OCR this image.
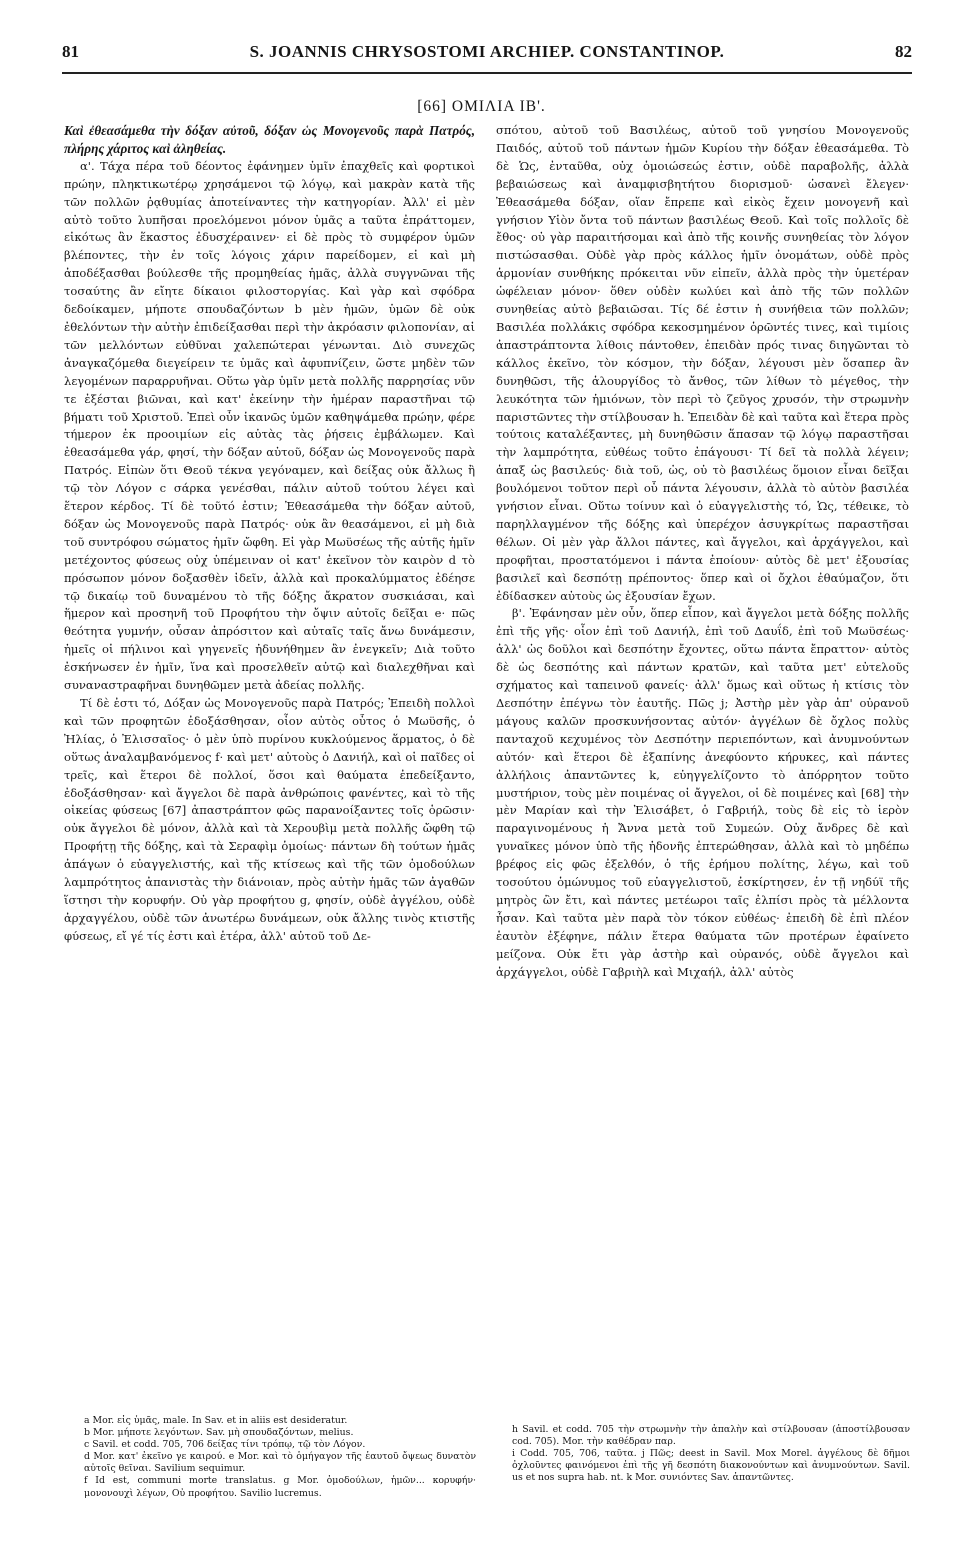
81	S. JOANNIS CHRYSOSTOMI ARCHIEP. CONSTANTINOP.	82
[66] ΟΜΙΛΙΑ ΙΒ'.

Καὶ ἐθεασάμεθα τὴν δόξαν αὐτοῦ, δόξαν ὡς Μονογενοῦς παρὰ Πατρός, πλήρης χάριτος καὶ ἀληθείας.

α'. Τάχα πέρα τοῦ δέοντος ἐφάνημεν ὑμῖν ἐπαχθεῖς καὶ φορτικοὶ πρώην, πληκτικωτέρῳ χρησάμενοι τῷ λόγῳ, καὶ μακρὰν κατὰ τῆς τῶν πολλῶν ῥᾳθυμίας ἀποτείναντες τὴν κατηγορίαν. Ἀλλ' εἰ μὲν αὐτὸ τοῦτο λυπῆσαι προελόμενοι μόνον ὑμᾶς a ταῦτα ἐπράττομεν, εἰκότως ἂν ἕκαστος ἐδυσχέραινεν· εἰ δὲ πρὸς τὸ συμφέρον ὑμῶν βλέποντες, τὴν ἐν τοῖς λόγοις χάριν παρείδομεν, εἰ καὶ μὴ ἀποδέξασθαι βούλεσθε τῆς προμηθείας ἡμᾶς, ἀλλὰ συγγνῶναι τῆς τοσαύτης ἂν εἴητε δίκαιοι φιλοστοργίας. Καὶ γὰρ καὶ σφόδρα δεδοίκαμεν, μήποτε σπουδαζόντων b μὲν ἡμῶν, ὑμῶν δὲ οὐκ ἐθελόντων τὴν αὐτὴν ἐπιδείξασθαι περὶ τὴν ἀκρόασιν φιλοπονίαν, αἱ τῶν μελλόντων εὐθῦναι χαλεπώτεραι γένωνται. Διὸ συνεχῶς ἀναγκαζόμεθα διεγείρειν τε ὑμᾶς καὶ ἀφυπνίζειν, ὥστε μηδὲν τῶν λεγομένων παραρρυῆναι. Οὕτω γὰρ ὑμῖν μετὰ πολλῆς παρρησίας νῦν τε ἐξέσται βιῶναι, καὶ κατ' ἐκείνην τὴν ἡμέραν παραστῆναι τῷ βήματι τοῦ Χριστοῦ. Ἐπεὶ οὖν ἱκανῶς ὑμῶν καθηψάμεθα πρώην, φέρε τήμερον ἐκ προοιμίων εἰς αὐτὰς τὰς ῥήσεις ἐμβάλωμεν. Καὶ ἐθεασάμεθα γάρ, φησί, τὴν δόξαν αὐτοῦ, δόξαν ὡς Μονογενοῦς παρὰ Πατρός. Εἰπὼν ὅτι Θεοῦ τέκνα γεγόναμεν, καὶ δείξας οὐκ ἄλλως ἢ τῷ τὸν Λόγον c σάρκα γενέσθαι, πάλιν αὐτοῦ τούτου λέγει καὶ ἕτερον κέρδος. Τί δὲ τοῦτό ἐστιν; Ἐθεασάμεθα τὴν δόξαν αὐτοῦ, δόξαν ὡς Μονογενοῦς παρὰ Πατρός· οὐκ ἂν θεασάμενοι, εἰ μὴ διὰ τοῦ συντρόφου σώματος ἡμῖν ὤφθη. Εἰ γὰρ Μωϋσέως τῆς αὐτῆς ἡμῖν μετέχοντος φύσεως οὐχ ὑπέμειναν οἱ κατ' ἐκεῖνον τὸν καιρὸν d τὸ πρόσωπον μόνον δοξασθὲν ἰδεῖν, ἀλλὰ καὶ προκαλύμματος ἐδέησε τῷ δικαίῳ τοῦ δυναμένου τὸ τῆς δόξης ἄκρατον συσκιάσαι, καὶ ἥμερον καὶ προσηνῆ τοῦ Προφήτου τὴν ὄψιν αὐτοῖς δεῖξαι e· πῶς θεότητα γυμνήν, οὖσαν ἀπρόσιτον καὶ αὐταῖς ταῖς ἄνω δυνάμεσιν, ἡμεῖς οἱ πήλινοι καὶ γηγενεῖς ἠδυνήθημεν ἂν ἐνεγκεῖν; Διὰ τοῦτο ἐσκήνωσεν ἐν ἡμῖν, ἵνα καὶ προσελθεῖν αὐτῷ καὶ διαλεχθῆναι καὶ συναναστραφῆναι δυνηθῶμεν μετὰ ἀδείας πολλῆς.

Τί δὲ ἐστι τό, Δόξαν ὡς Μονογενοῦς παρὰ Πατρός; Ἐπειδὴ πολλοὶ καὶ τῶν προφητῶν ἐδοξάσθησαν, οἷον αὐτὸς οὗτος ὁ Μωϋσῆς, ὁ Ἠλίας, ὁ Ἐλισσαῖος· ὁ μὲν ὑπὸ πυρίνου κυκλούμενος ἅρματος, ὁ δὲ οὕτως ἀναλαμβανόμενος f· καὶ μετ' αὐτοὺς ὁ Δανιήλ, καὶ οἱ παῖδες οἱ τρεῖς, καὶ ἕτεροι δὲ πολλοί, ὅσοι καὶ θαύματα ἐπεδείξαντο, ἐδοξάσθησαν· καὶ ἄγγελοι δὲ παρὰ ἀνθρώποις φανέντες, καὶ τὸ τῆς οἰκείας φύσεως [67] ἀπαστράπτον φῶς παρανοίξαντες τοῖς ὁρῶσιν· οὐκ ἄγγελοι δὲ μόνον, ἀλλὰ καὶ τὰ Χερουβὶμ μετὰ πολλῆς ὤφθη τῷ Προφήτῃ τῆς δόξης, καὶ τὰ Σεραφὶμ ὁμοίως· πάντων δὴ τούτων ἡμᾶς ἀπάγων ὁ εὐαγγελιστής, καὶ τῆς κτίσεως καὶ τῆς τῶν ὁμοδούλων λαμπρότητος ἀπανιστὰς τὴν διάνοιαν, πρὸς αὐτὴν ἡμᾶς τῶν ἀγαθῶν ἵστησι τὴν κορυφήν. Οὐ γὰρ προφήτου g, φησίν, οὐδὲ ἀγγέλου, οὐδὲ ἀρχαγγέλου, οὐδὲ τῶν ἀνωτέρω δυνάμεων, οὐκ ἄλλης τινὸς κτιστῆς φύσεως, εἴ γέ τίς ἐστι καὶ ἑτέρα, ἀλλ' αὐτοῦ τοῦ Δε-

σπότου, αὐτοῦ τοῦ Βασιλέως, αὐτοῦ τοῦ γνησίου Μονογενοῦς Παιδός, αὐτοῦ τοῦ πάντων ἡμῶν Κυρίου τὴν δόξαν ἐθεασάμεθα. Τὸ δὲ Ὡς, ἐνταῦθα, οὐχ ὁμοιώσεώς ἐστιν, οὐδὲ παραβολῆς, ἀλλὰ βεβαιώσεως καὶ ἀναμφισβητήτου διορισμοῦ· ὡσανεὶ ἔλεγεν· Ἐθεασάμεθα δόξαν, οἵαν ἔπρεπε καὶ εἰκὸς ἔχειν μονογενῆ καὶ γνήσιον Υἱὸν ὄντα τοῦ πάντων βασιλέως Θεοῦ. Καὶ τοῖς πολλοῖς δὲ ἔθος· οὐ γὰρ παραιτήσομαι καὶ ἀπὸ τῆς κοινῆς συνηθείας τὸν λόγον πιστώσασθαι. Οὐδὲ γὰρ πρὸς κάλλος ἡμῖν ὀνομάτων, οὐδὲ πρὸς ἁρμονίαν συνθήκης πρόκειται νῦν εἰπεῖν, ἀλλὰ πρὸς τὴν ὑμετέραν ὠφέλειαν μόνον· ὅθεν οὐδὲν κωλύει καὶ ἀπὸ τῆς τῶν πολλῶν συνηθείας αὐτὸ βεβαιῶσαι. Τίς δέ ἐστιν ἡ συνήθεια τῶν πολλῶν; Βασιλέα πολλάκις σφόδρα κεκοσμημένον ὁρῶντές τινες, καὶ τιμίοις ἀπαστράπτοντα λίθοις πάντοθεν, ἐπειδὰν πρός τινας διηγῶνται τὸ κάλλος ἐκεῖνο, τὸν κόσμον, τὴν δόξαν, λέγουσι μὲν ὅσαπερ ἂν δυνηθῶσι, τῆς ἁλουργίδος τὸ ἄνθος, τῶν λίθων τὸ μέγεθος, τὴν λευκότητα τῶν ἡμιόνων, τὸν περὶ τὸ ζεῦγος χρυσόν, τὴν στρωμνὴν παριστῶντες τὴν στίλβουσαν h. Ἐπειδὰν δὲ καὶ ταῦτα καὶ ἕτερα πρὸς τούτοις καταλέξαντες, μὴ δυνηθῶσιν ἅπασαν τῷ λόγῳ παραστῆσαι τὴν λαμπρότητα, εὐθέως τοῦτο ἐπάγουσι· Τί δεῖ τὰ πολλὰ λέγειν; ἁπαξ ὡς βασιλεύς· διὰ τοῦ, ὡς, οὐ τὸ βασιλέως ὅμοιον εἶναι δεῖξαι βουλόμενοι τοῦτον περὶ οὗ πάντα λέγουσιν, ἀλλὰ τὸ αὐτὸν βασιλέα γνήσιον εἶναι. Οὕτω τοίνυν καὶ ὁ εὐαγγελιστὴς τό, Ὡς, τέθεικε, τὸ παρηλλαγμένον τῆς δόξης καὶ ὑπερέχον ἀσυγκρίτως παραστῆσαι θέλων. Οἱ μὲν γὰρ ἄλλοι πάντες, καὶ ἄγγελοι, καὶ ἀρχάγγελοι, καὶ προφῆται, προστατόμενοι i πάντα ἐποίουν· αὐτὸς δὲ μετ' ἐξουσίας βασιλεῖ καὶ δεσπότῃ πρέποντος· ὅπερ καὶ οἱ ὄχλοι ἐθαύμαζον, ὅτι ἐδίδασκεν αὐτοὺς ὡς ἐξουσίαν ἔχων.

β'. Ἐφάνησαν μὲν οὖν, ὅπερ εἶπον, καὶ ἄγγελοι μετὰ δόξης πολλῆς ἐπὶ τῆς γῆς· οἷον ἐπὶ τοῦ Δανιήλ, ἐπὶ τοῦ Δαυΐδ, ἐπὶ τοῦ Μωϋσέως· ἀλλ' ὡς δοῦλοι καὶ δεσπότην ἔχοντες, οὕτω πάντα ἔπραττον· αὐτὸς δὲ ὡς δεσπότης καὶ πάντων κρατῶν, καὶ ταῦτα μετ' εὐτελοῦς σχήματος καὶ ταπεινοῦ φανείς· ἀλλ' ὅμως καὶ οὕτως ἡ κτίσις τὸν Δεσπότην ἐπέγνω τὸν ἑαυτῆς. Πῶς j; Ἀστὴρ μὲν γὰρ ἀπ' οὐρανοῦ μάγους καλῶν προσκυνήσοντας αὐτόν· ἀγγέλων δὲ ὄχλος πολὺς πανταχοῦ κεχυμένος τὸν Δεσπότην περιεπόντων, καὶ ἀνυμνούντων αὐτόν· καὶ ἕτεροι δὲ ἐξαπίνης ἀνεφύοντο κήρυκες, καὶ πάντες ἀλλήλοις ἀπαντῶντες k, εὐηγγελίζοντο τὸ ἀπόρρητον τοῦτο μυστήριον, τοὺς μὲν ποιμένας οἱ ἄγγελοι, οἱ δὲ ποιμένες καὶ [68] τὴν μὲν Μαρίαν καὶ τὴν Ἐλισάβετ, ὁ Γαβριήλ, τοὺς δὲ εἰς τὸ ἱερὸν παραγινομένους ἡ Ἄννα μετὰ τοῦ Συμεών. Οὐχ ἄνδρες δὲ καὶ γυναῖκες μόνον ὑπὸ τῆς ἡδονῆς ἐπτερώθησαν, ἀλλὰ καὶ τὸ μηδέπω βρέφος εἰς φῶς ἐξελθόν, ὁ τῆς ἐρήμου πολίτης, λέγω, καὶ τοῦ τοσούτου ὁμώνυμος τοῦ εὐαγγελιστοῦ, ἐσκίρτησεν, ἐν τῇ νηδύϊ τῆς μητρὸς ὢν ἔτι, καὶ πάντες μετέωροι ταῖς ἐλπίσι πρὸς τὰ μέλλοντα ἦσαν. Καὶ ταῦτα μὲν παρὰ τὸν τόκον εὐθέως· ἐπειδὴ δὲ ἐπὶ πλέον ἑαυτὸν ἐξέφηνε, πάλιν ἕτερα θαύματα τῶν προτέρων ἐφαίνετο μείζονα. Οὐκ ἔτι γὰρ ἀστὴρ καὶ οὐρανός, οὐδὲ ἄγγελοι καὶ ἀρχάγγελοι, οὐδὲ Γαβριὴλ καὶ Μιχαήλ, ἀλλ' αὐτὸς

a Mor. εἰς ὑμᾶς, male. In Sav. et in aliis est desideratur.

b Mor. μήποτε λεγόντων. Sav. μὴ σπουδαζόντων, melius.

c Savil. et codd. 705, 706 δείξας τίνι τρόπῳ, τῷ τὸν Λόγον.

d Mor. κατ' ἐκεῖνο γε καιρού. e Mor. καὶ τὸ ὁμήγαγον τῆς ἑαυτοῦ ὄψεως δυνατὸν αὐτοῖς θεῖναι. Savilium sequimur.

f Id est, communi morte translatus. g Mor. ὁμοδούλων, ἡμῶν... κορυφήν· μονονουχὶ λέγων, Οὐ προφήτου. Savilio lucremus.

h Savil. et codd. 705 τὴν στρωμνὴν τὴν ἁπαλὴν καὶ στίλβουσαν (ἀποστίλβουσαν cod. 705). Mor. τὴν καθέδραν παρ.

i Codd. 705, 706, ταῦτα. j Πῶς; deest in Savil. Mox Morel. ἀγγέλους δὲ δῆμοι ὀχλοῦντες φαινόμενοι ἐπὶ τῆς γῆ δεσπότη διακονούντων καὶ ἀνυμνούντων. Savil. us et nos supra hab. nt. k Mor. συνιόντες Sav. ἀπαντῶντες.
